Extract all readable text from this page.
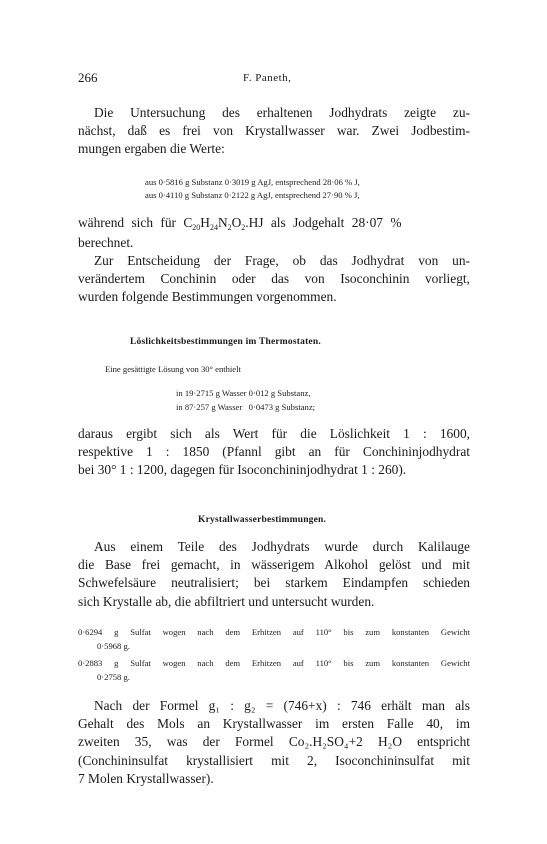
266	F. Paneth,
Die Untersuchung des erhaltenen Jodhydrats zeigte zu-
nächst, daß es frei von Krystallwasser war. Zwei Jodbestim-
mungen ergaben die Werte:
aus 0·5816 g Substanz 0·3019 g AgJ, entsprechend 28·06 % J,
aus 0·4110 g Substanz 0·2122 g AgJ, entsprechend 27·90 % J,
während sich für $C_{20}H_{24}N_2O_2.HJ$ als Jodgehalt 28·07 %
berechnet.
Zur Entscheidung der Frage, ob das Jodhydrat von un-
verändertem Conchinin oder das von Isoconchinin vorliegt,
wurden folgende Bestimmungen vorgenommen.
Löslichkeitsbestimmungen im Thermostaten.
Eine gesättigte Lösung von 30° enthielt
in 19·2715 g Wasser 0·012 g Substanz,
in 87·257 g Wasser   0·0473 g Substanz;
daraus ergibt sich als Wert für die Löslichkeit 1 : 1600,
respektive 1 : 1850 (Pfannl gibt an für Conchininjodhydrat
bei 30° 1 : 1200, dagegen für Isoconchininjodhydrat 1 : 260).
Krystallwasserbestimmungen.
Aus einem Teile des Jodhydrats wurde durch Kalilauge
die Base frei gemacht, in wässerigem Alkohol gelöst und mit
Schwefelsäure neutralisiert; bei starkem Eindampfen schieden
sich Krystalle ab, die abfiltriert und untersucht wurden.
0·6294 g Sulfat wogen nach dem Erhitzen auf 110° bis zum konstanten Gewicht
0·5968 g.
0·2883 g Sulfat wogen nach dem Erhitzen auf 110° bis zum konstanten Gewicht
0·2758 g.
Nach der Formel g₁ : g₂ = (746+x) : 746 erhält man als
Gehalt des Mols an Krystallwasser im ersten Falle 40, im
zweiten 35, was der Formel Co₂.H₂SO₄+2 H₂O entspricht
(Conchininsulfat krystallisiert mit 2, Isoconchininsulfat mit
7 Molen Krystallwasser).
